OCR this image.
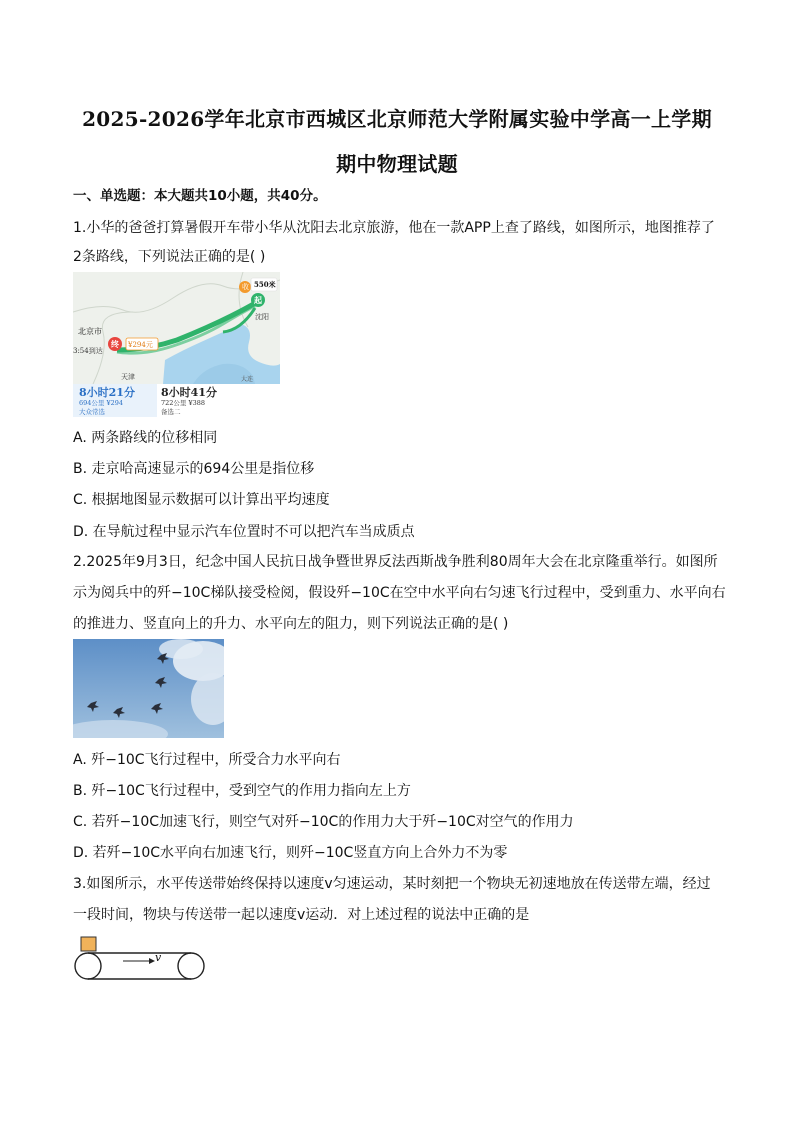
2025-2026学年北京市西城区北京师范大学附属实验中学高一上学期
期中物理试题
一、单选题：本大题共10小题，共40分。
1.小华的爸爸打算暑假开车带小华从沈阳去北京旅游，他在一款APP上查了路线，如图所示，地图推荐了
2条路线，下列说法正确的是( )
北京市
3:54到达
终
起
收 550米
¥294元
沈阳
天津	大连
8小时21分
694公里 ¥294
大众常选
8小时41分
722公里 ¥388
备选二
A. 两条路线的位移相同
B. 走京哈高速显示的694公里是指位移
C. 根据地图显示数据可以计算出平均速度
D. 在导航过程中显示汽车位置时不可以把汽车当成质点
2.2025年9月3日，纪念中国人民抗日战争暨世界反法西斯战争胜利80周年大会在北京隆重举行。如图所
示为阅兵中的歼−10C梯队接受检阅，假设歼−10C在空中水平向右匀速飞行过程中，受到重力、水平向右
的推进力、竖直向上的升力、水平向左的阻力，则下列说法正确的是( )
A. 歼−10C飞行过程中，所受合力水平向右
B. 歼−10C飞行过程中，受到空气的作用力指向左上方
C. 若歼−10C加速飞行，则空气对歼−10C的作用力大于歼−10C对空气的作用力
D. 若歼−10C水平向右加速飞行，则歼−10C竖直方向上合外力不为零
3.如图所示，水平传送带始终保持以速度v匀速运动，某时刻把一个物块无初速地放在传送带左端，经过
一段时间，物块与传送带一起以速度v运动．对上述过程的说法中正确的是
v
